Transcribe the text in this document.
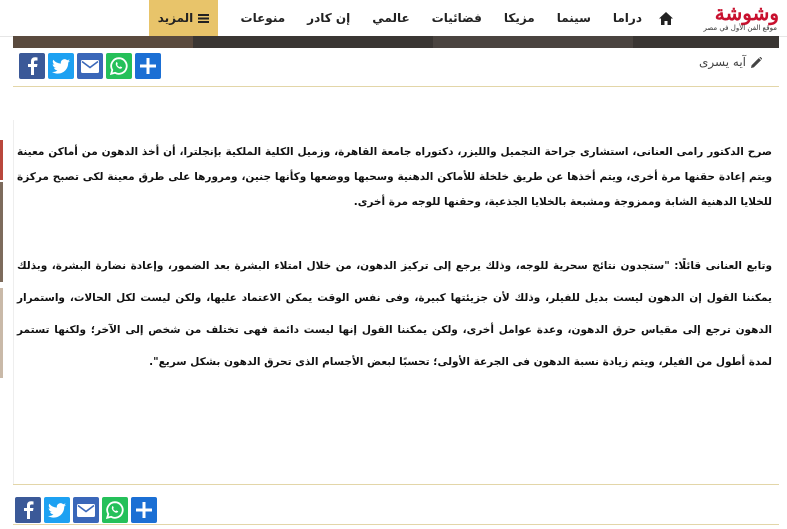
وشوشة
موقع الفن الأول في مصر
دراما
سينما
مزيكا
فضائيات
عالمي
إن كادر
منوعات
المزيد
آيه يسرى
صرح الدكتور رامى العنانى، استشارى جراحة التجميل والليزر، دكتوراه جامعة القاهرة، وزميل الكلية الملكية بإنجلترا، أن أخذ الدهون من أماكن معينة ويتم إعادة حقنها مرة أخرى، ويتم أخذها عن طريق خلخلة للأماكن الدهنية وسحبها ووضعها وكأنها جنين، ومرورها على طرق معينة لكى تصبح مركزة للخلايا الدهنية الشابة وممزوجة ومشبعة بالخلايا الجذعية، وحقنها للوجه مرة أخرى.
وتابع العنانى قائلًا: "ستجدون نتائج سحرية للوجه، وذلك يرجع إلى تركيز الدهون، من خلال امتلاء البشرة بعد الضمور، وإعادة نضارة البشرة، وبذلك يمكننا القول إن الدهون ليست بديل للفيلر، وذلك لأن جزيئتها كبيرة، وفى نفس الوقت يمكن الاعتماد عليها، ولكن ليست لكل الحالات، واستمرار الدهون ترجع إلى مقياس حرق الدهون، وعدة عوامل أخرى، ولكن يمكننا القول إنها ليست دائمة فهى تختلف من شخص إلى الآخر؛ ولكنها تستمر لمدة أطول من الفيلر، ويتم زيادة نسبة الدهون فى الجرعة الأولى؛ تحسبًا لبعض الأجسام الذى تحرق الدهون بشكل سريع".
